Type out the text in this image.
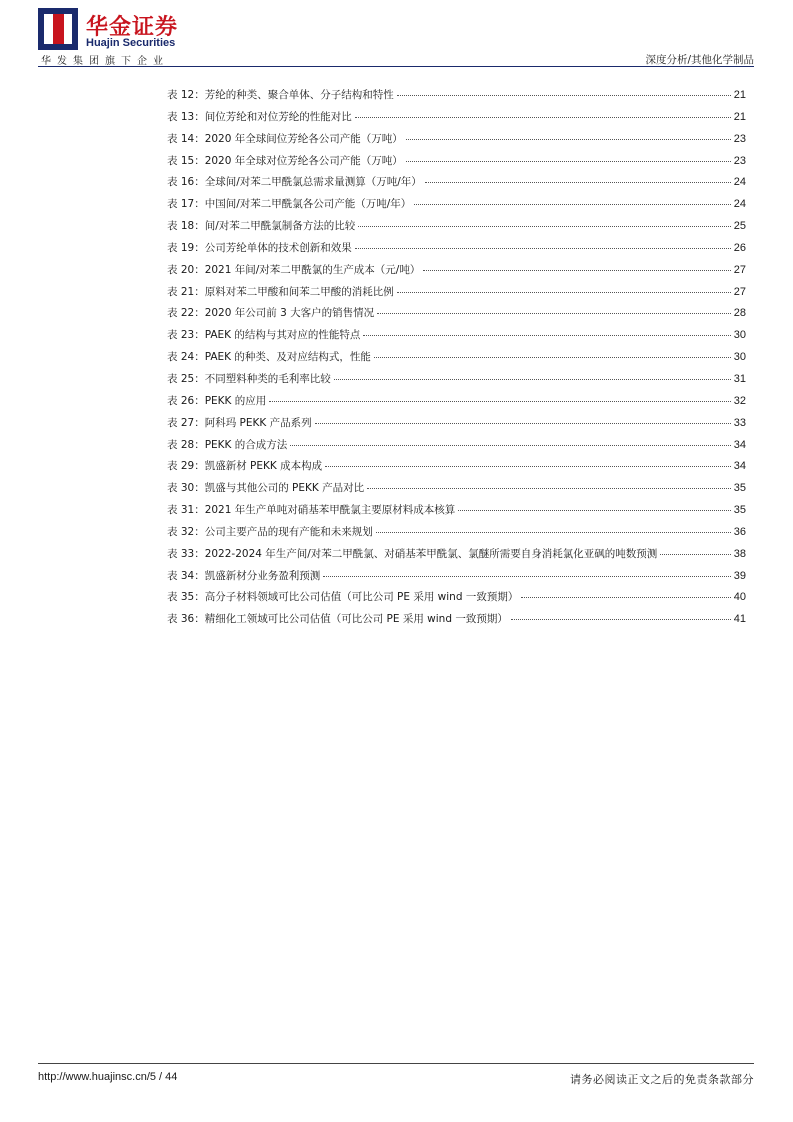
华金证券
Huajin Securities
华发集团旗下企业	深度分析/其他化学制品
表 12：芳纶的种类、聚合单体、分子结构和特性	21
表 13：间位芳纶和对位芳纶的性能对比	21
表 14：2020 年全球间位芳纶各公司产能（万吨）	23
表 15：2020 年全球对位芳纶各公司产能（万吨）	23
表 16：全球间/对苯二甲酰氯总需求量测算（万吨/年）	24
表 17：中国间/对苯二甲酰氯各公司产能（万吨/年）	24
表 18：间/对苯二甲酰氯制备方法的比较	25
表 19：公司芳纶单体的技术创新和效果	26
表 20：2021 年间/对苯二甲酰氯的生产成本（元/吨）	27
表 21：原料对苯二甲酸和间苯二甲酸的消耗比例	27
表 22：2020 年公司前 3 大客户的销售情况	28
表 23：PAEK 的结构与其对应的性能特点	30
表 24：PAEK 的种类、及对应结构式，性能	30
表 25：不同塑料种类的毛利率比较	31
表 26：PEKK 的应用	32
表 27：阿科玛 PEKK 产品系列	33
表 28：PEKK 的合成方法	34
表 29：凯盛新材 PEKK 成本构成	34
表 30：凯盛与其他公司的 PEKK 产品对比	35
表 31：2021 年生产单吨对硝基苯甲酰氯主要原材料成本核算	35
表 32：公司主要产品的现有产能和未来规划	36
表 33：2022-2024 年生产间/对苯二甲酰氯、对硝基苯甲酰氯、氯醚所需要自身消耗氯化亚砜的吨数预测	38
表 34：凯盛新材分业务盈利预测	39
表 35：高分子材料领域可比公司估值（可比公司 PE 采用 wind 一致预期）	40
表 36：精细化工领域可比公司估值（可比公司 PE 采用 wind 一致预期）	41
http://www.huajinsc.cn/5 / 44	请务必阅读正文之后的免责条款部分
